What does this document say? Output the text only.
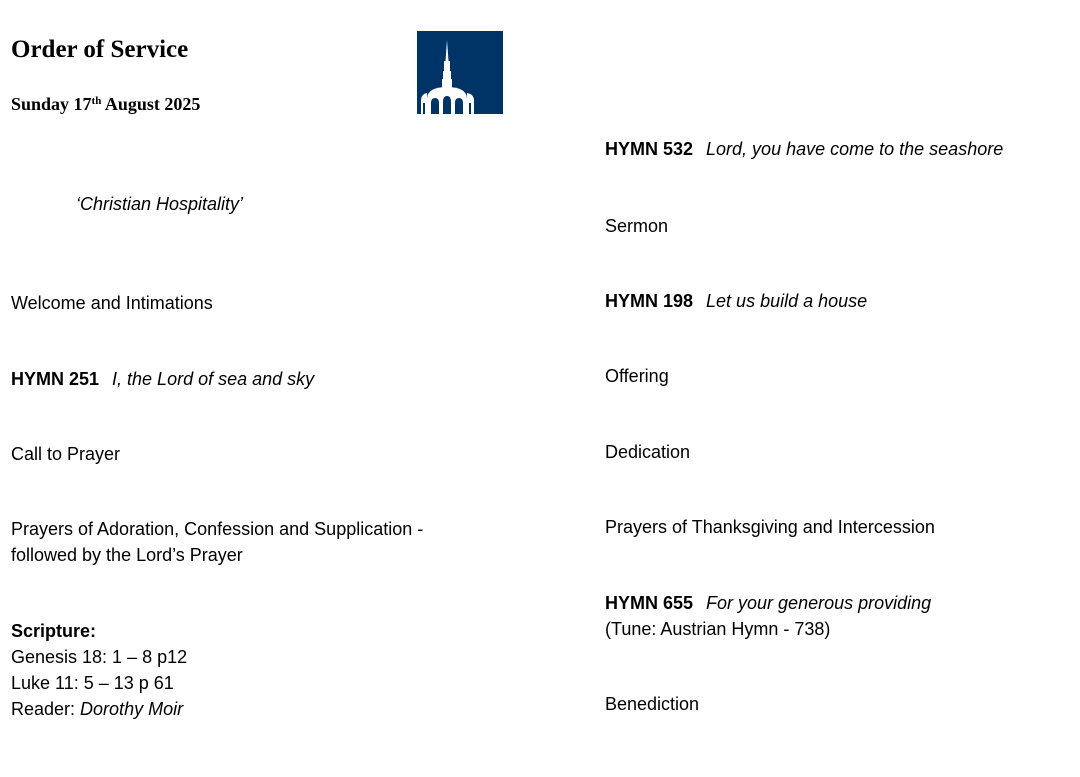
Order of Service
Sunday 17th August 2025
‘Christian Hospitality’
Welcome and Intimations
HYMN 251 I, the Lord of sea and sky
Call to Prayer
Prayers of Adoration, Confession and Supplication -
followed by the Lord’s Prayer
Scripture:
Genesis 18: 1 – 8 p12
Luke 11: 5 – 13 p 61
Reader: Dorothy Moir
HYMN 532 Lord, you have come to the seashore
Sermon
HYMN 198 Let us build a house
Offering
Dedication
Prayers of Thanksgiving and Intercession
HYMN 655 For your generous providing
(Tune: Austrian Hymn - 738)
Benediction
